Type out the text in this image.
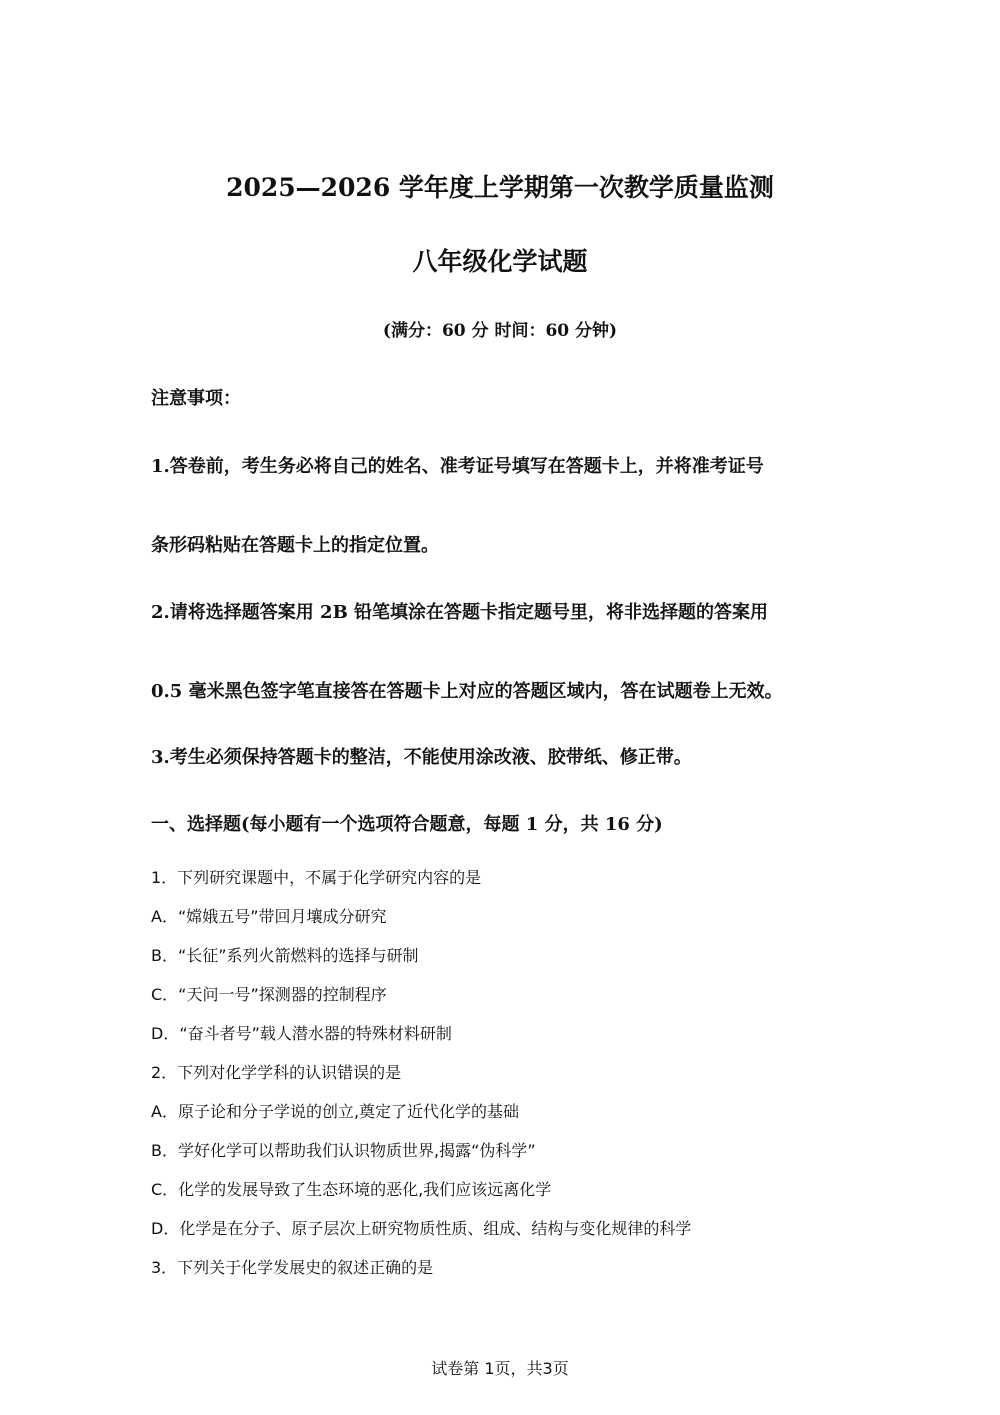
2025—2026 学年度上学期第一次教学质量监测
八年级化学试题
(满分：60 分 时间：60 分钟)
注意事项：
1.答卷前，考生务必将自己的姓名、准考证号填写在答题卡上，并将准考证号
条形码粘贴在答题卡上的指定位置。
2.请将选择题答案用 2B 铅笔填涂在答题卡指定题号里，将非选择题的答案用
0.5 毫米黑色签字笔直接答在答题卡上对应的答题区域内，答在试题卷上无效。
3.考生必须保持答题卡的整洁，不能使用涂改液、胶带纸、修正带。
一、选择题(每小题有一个选项符合题意，每题 1 分，共 16 分)
1．下列研究课题中，不属于化学研究内容的是
A．“嫦娥五号”带回月壤成分研究
B．“长征”系列火箭燃料的选择与研制
C．“天问一号”探测器的控制程序
D．“奋斗者号”载人潜水器的特殊材料研制
2．下列对化学学科的认识错误的是
A．原子论和分子学说的创立,奠定了近代化学的基础
B．学好化学可以帮助我们认识物质世界,揭露“伪科学”
C．化学的发展导致了生态环境的恶化,我们应该远离化学
D．化学是在分子、原子层次上研究物质性质、组成、结构与变化规律的科学
3．下列关于化学发展史的叙述正确的是
试卷第 1页，共3页
